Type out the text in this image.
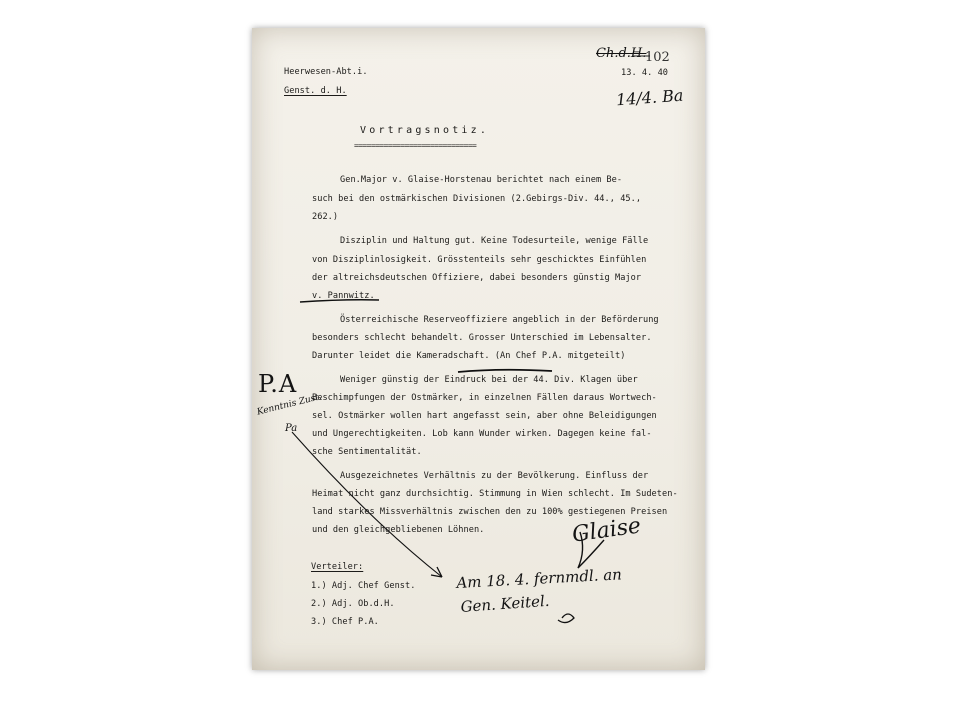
Heerwesen-Abt.i.

Genst. d. H.

13. 4. 40

102

Ch.d.H.

14/4. Ba

Vortragsnotiz.

=============================

Gen.Major v. Glaise-Horstenau berichtet nach einem Be-

such bei den ostmärkischen Divisionen (2.Gebirgs-Div. 44., 45.,

262.)

Disziplin und Haltung gut. Keine Todesurteile, wenige Fälle

von Disziplinlosigkeit. Grösstenteils sehr geschicktes Einfühlen

der altreichsdeutschen Offiziere, dabei besonders günstig Major

v. Pannwitz.

Österreichische Reserveoffiziere angeblich in der Beförderung

besonders schlecht behandelt. Grosser Unterschied im Lebensalter.

Darunter leidet die Kameradschaft. (An Chef P.A. mitgeteilt)

Weniger günstig der Eindruck bei der 44. Div. Klagen über

Beschimpfungen der Ostmärker, in einzelnen Fällen daraus Wortwech-

sel. Ostmärker wollen hart angefasst sein, aber ohne Beleidigungen

und Ungerechtigkeiten. Lob kann Wunder wirken. Dagegen keine fal-

sche Sentimentalität.

Ausgezeichnetes Verhältnis zu der Bevölkerung. Einfluss der

Heimat nicht ganz durchsichtig. Stimmung in Wien schlecht. Im Sudeten-

land starkes Missverhältnis zwischen den zu 100% gestiegenen Preisen

und den gleichgebliebenen Löhnen.

Verteiler:

1.) Adj. Chef Genst.

2.) Adj. Ob.d.H.

3.) Chef P.A.

P.A

Kenntnis Zust.

Pa

Glaise

Am 18. 4. fernmdl. an

Gen. Keitel.
